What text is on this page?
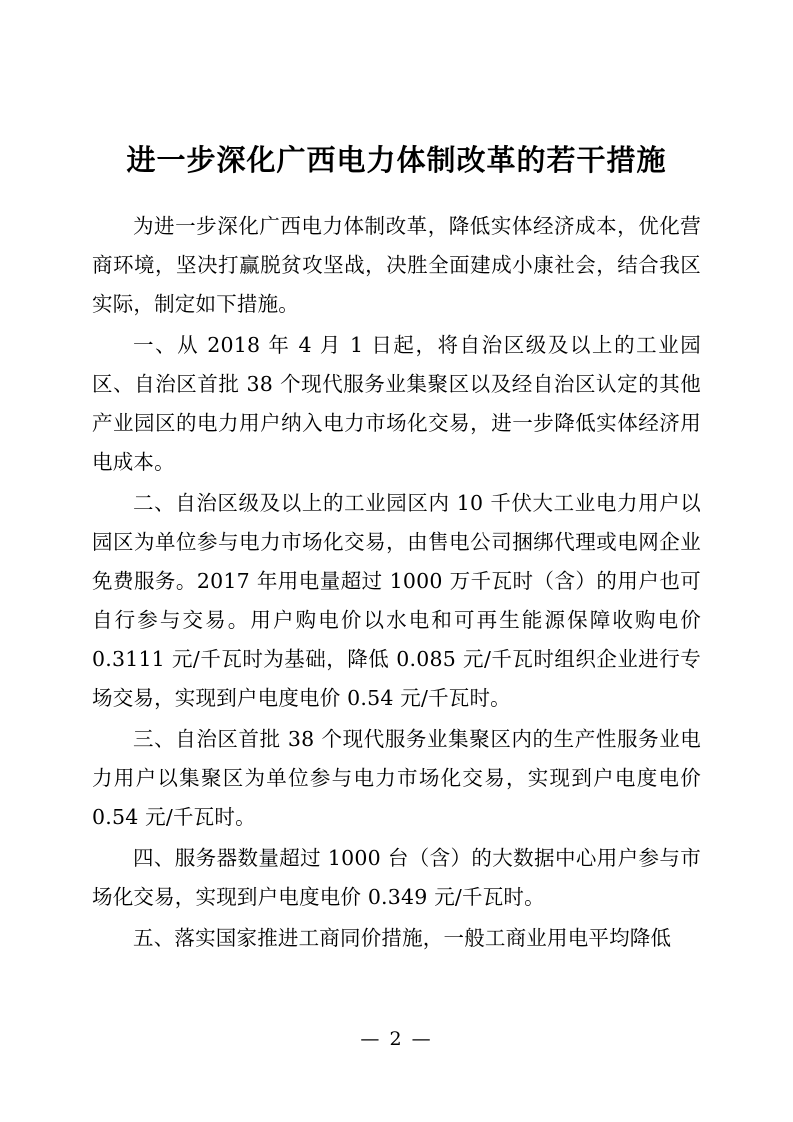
进一步深化广西电力体制改革的若干措施

为进一步深化广西电力体制改革，降低实体经济成本，优化营商环境，坚决打赢脱贫攻坚战，决胜全面建成小康社会，结合我区实际，制定如下措施。

一、从 2018 年 4 月 1 日起，将自治区级及以上的工业园区、自治区首批 38 个现代服务业集聚区以及经自治区认定的其他产业园区的电力用户纳入电力市场化交易，进一步降低实体经济用电成本。

二、自治区级及以上的工业园区内 10 千伏大工业电力用户以园区为单位参与电力市场化交易，由售电公司捆绑代理或电网企业免费服务。2017 年用电量超过 1000 万千瓦时（含）的用户也可自行参与交易。用户购电价以水电和可再生能源保障收购电价 0.3111 元/千瓦时为基础，降低 0.085 元/千瓦时组织企业进行专场交易，实现到户电度电价 0.54 元/千瓦时。

三、自治区首批 38 个现代服务业集聚区内的生产性服务业电力用户以集聚区为单位参与电力市场化交易，实现到户电度电价 0.54 元/千瓦时。

四、服务器数量超过 1000 台（含）的大数据中心用户参与市场化交易，实现到户电度电价 0.349 元/千瓦时。

五、落实国家推进工商同价措施，一般工商业用电平均降低

— 2 —
